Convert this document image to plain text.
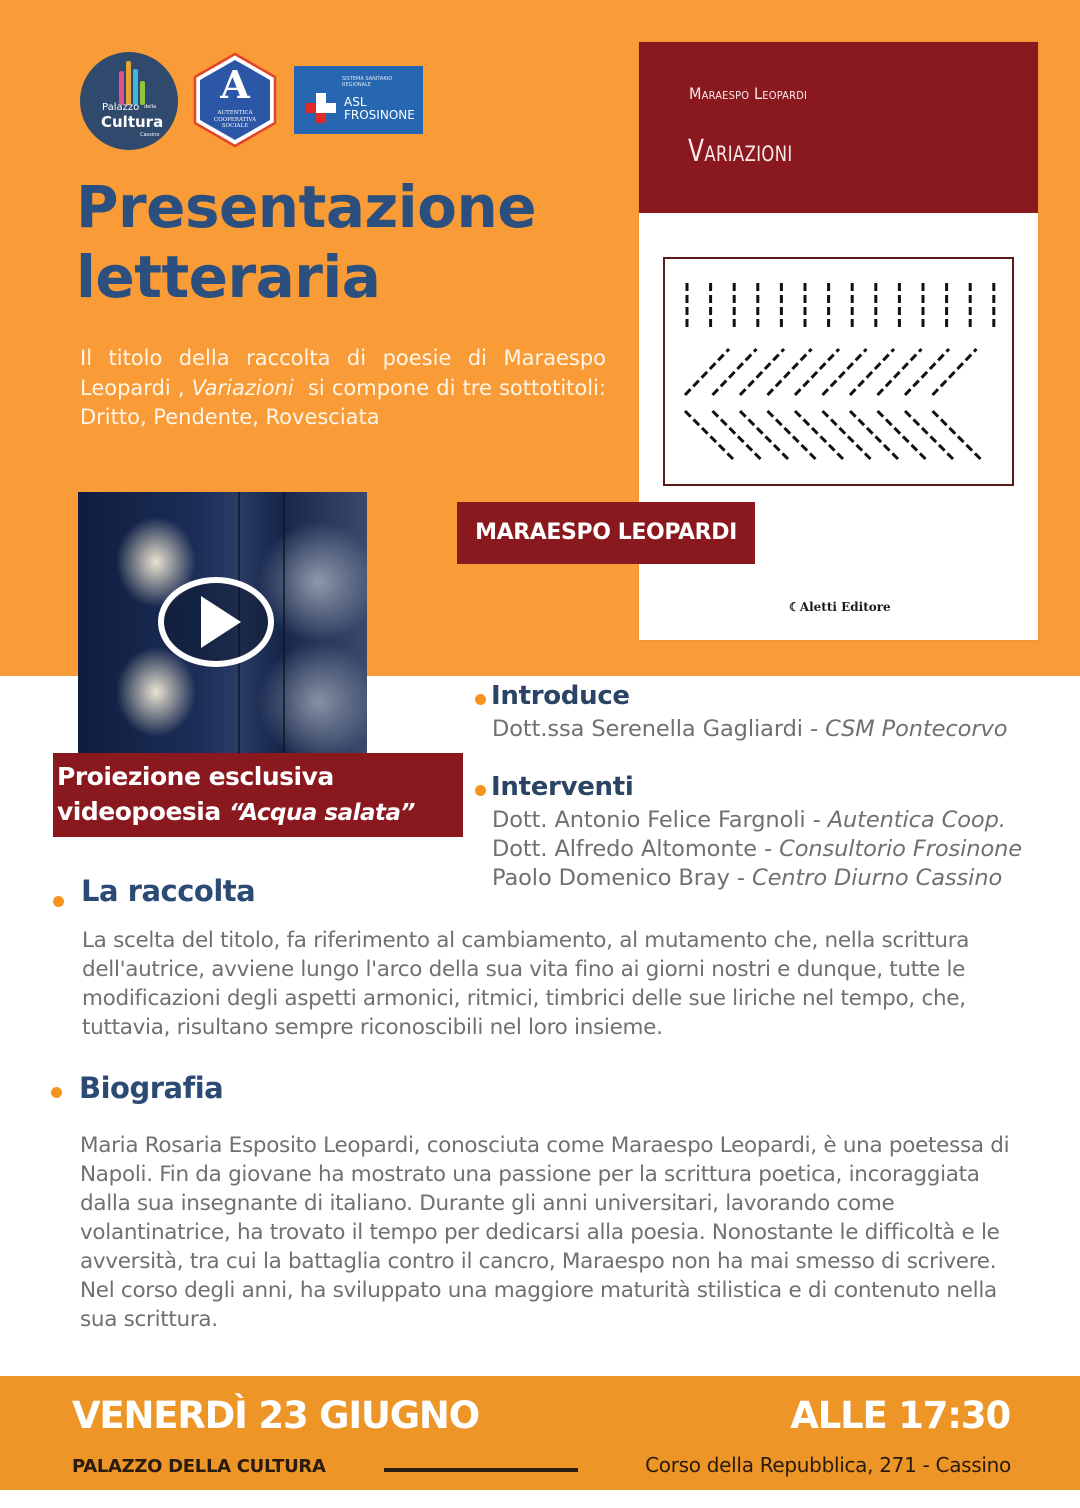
Palazzo della
Cultura
Cassino
A
AUTENTICA
COOPERATIVA
SOCIALE
SISTEMA SANITARIO
REGIONALE
ASL
FROSINONE
Presentazione
letteraria

Il titolo della raccolta di poesie di Maraespo Leopardi , Variazioni  si compone di tre sottotitoli: Dritto, Pendente, Rovesciata

Maraespo Leopardi
Variazioni
☾Aletti Editore
MARAESPO LEOPARDI
Proiezione esclusiva
videopoesia “Acqua salata”
Introduce
Dott.ssa Serenella Gagliardi - CSM Pontecorvo
Interventi
Dott. Antonio Felice Fargnoli - Autentica Coop.
Dott. Alfredo Altomonte - Consultorio Frosinone
Paolo Domenico Bray - Centro Diurno Cassino
La raccolta

La scelta del titolo, fa riferimento al cambiamento, al mutamento che, nella scrittura dell'autrice, avviene lungo l'arco della sua vita fino ai giorni nostri e dunque, tutte le modificazioni degli aspetti armonici, ritmici, timbrici delle sue liriche nel tempo, che, tuttavia, risultano sempre riconoscibili nel loro insieme.

Biografia

Maria Rosaria Esposito Leopardi, conosciuta come Maraespo Leopardi, è una poetessa di Napoli. Fin da giovane ha mostrato una passione per la scrittura poetica, incoraggiata dalla sua insegnante di italiano. Durante gli anni universitari, lavorando come volantinatrice, ha trovato il tempo per dedicarsi alla poesia. Nonostante le difficoltà e le avversità, tra cui la battaglia contro il cancro, Maraespo non ha mai smesso di scrivere. Nel corso degli anni, ha sviluppato una maggiore maturità stilistica e di contenuto nella sua scrittura.

VENERDÌ 23 GIUGNO	ALLE 17:30
PALAZZO DELLA CULTURA	Corso della Repubblica, 271 - Cassino
